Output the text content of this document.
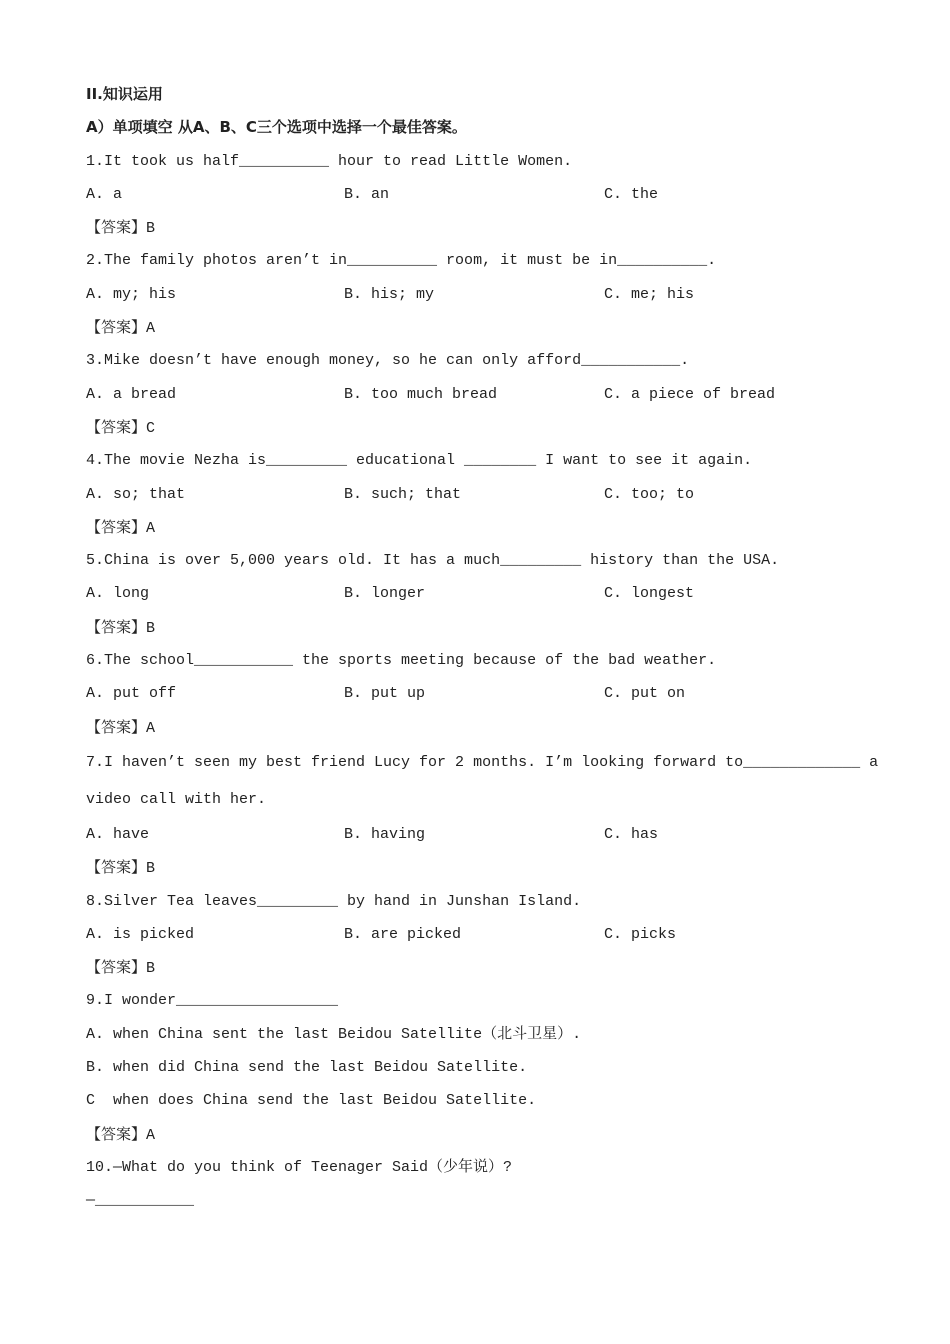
II.知识运用
A）单项填空 从A、B、C三个选项中选择一个最佳答案。
1.It took us half__________ hour to read Little Women.
A. a	B. an	C. the
【答案】B
2.The family photos aren’t in__________ room, it must be in__________.
A. my; his	B. his; my	C. me; his
【答案】A
3.Mike doesn’t have enough money, so he can only afford___________.
A. a bread	B. too much bread	C. a piece of bread
【答案】C
4.The movie Nezha is_________ educational ________ I want to see it again.
A. so; that	B. such; that	C. too; to
【答案】A
5.China is over 5,000 years old. It has a much_________ history than the USA.
A. long	B. longer	C. longest
【答案】B
6.The school___________ the sports meeting because of the bad weather.
A. put off	B. put up	C. put on
【答案】A
7.I haven’t seen my best friend Lucy for 2 months. I’m looking forward to_____________ a
video call with her.
A. have	B. having	C. has
【答案】B
8.Silver Tea leaves_________ by hand in Junshan Island.
A. is picked	B. are picked	C. picks
【答案】B
9.I wonder__________________
A. when China sent the last Beidou Satellite（北斗卫星）.
B. when did China send the last Beidou Satellite.
C  when does China send the last Beidou Satellite.
【答案】A
10.—What do you think of Teenager Said（少年说）?
—___________
